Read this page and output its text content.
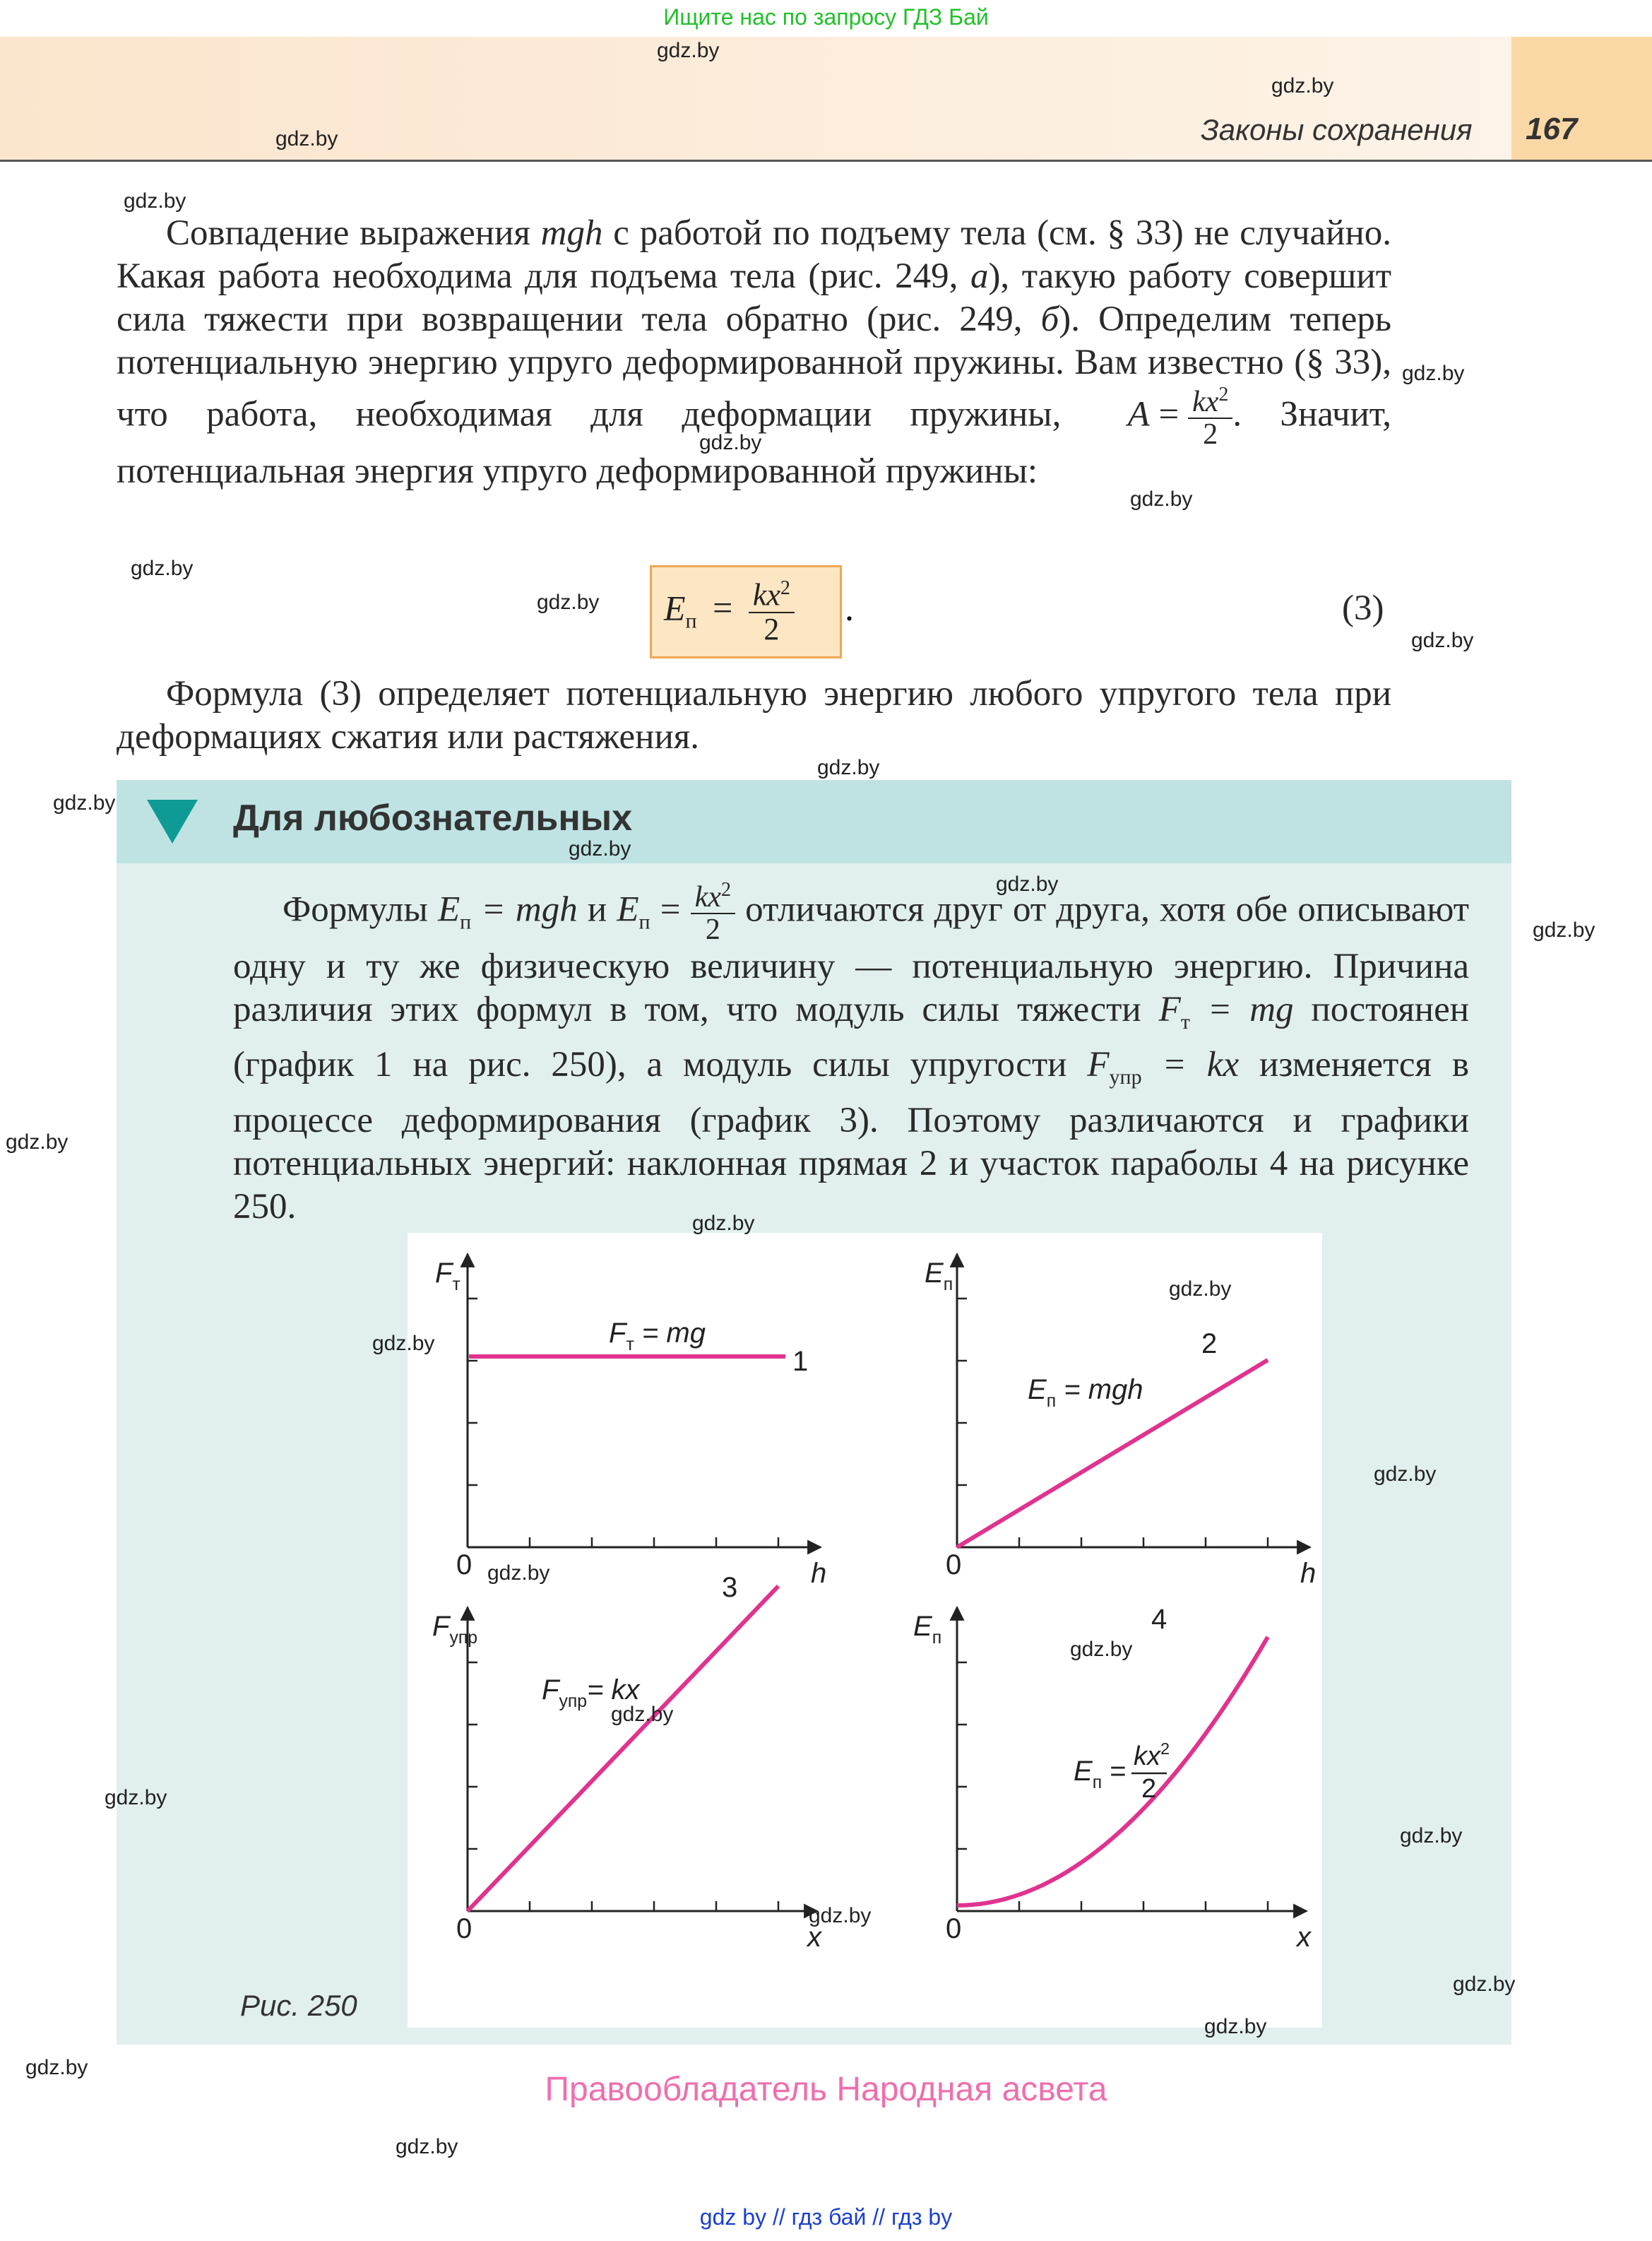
Ищите нас по запросу ГДЗ Бай
Законы сохранения	167
Совпадение выражения mgh с работой по подъему тела (см. § 33) не случайно. Какая работа необходима для подъема тела (рис. 249, а), такую работу совершит сила тяжести при возвращении тела обратно (рис. 249, б). Определим теперь потенциальную энергию упруго деформированной пружины. Вам известно (§ 33), что работа, необходимая для деформации пружины, $A = \frac{kx^2}{2}$ . Значит, потенциальная энергия упруго деформированной пружины:
$E_п = \frac{kx^2}{2}$ .	(3)
Формула (3) определяет потенциальную энергию любого упругого тела при деформациях сжатия или растяжения.
Для любознательных
Формулы $E_п$ = mgh и $E_п = \frac{kx^2}{2}$ отличаются друг от друга, хотя обе описывают одну и ту же физическую величину — потенциальную энергию. Причина различия этих формул в том, что модуль силы тяжести $F_т$ = mg постоянен (график 1 на рис. 250), а модуль силы упругости $F_{упр}$ = kx изменяется в процессе деформирования (график 3). Поэтому различаются и графики потенциальных энергий: наклонная прямая 2 и участок параболы 4 на рисунке 250.
1
$F_т$
h
0
$F_т$ = mg	2
$E_п$
h
0
$E_п$ = mgh
3
$F_{упр}$
x
0
$F_{упр}=$ kx
4
$E_п$
x
0
$E_п = kx^2$
2
Рис. 250
gdz.by
gdz.by
gdz.by
gdz.by
gdz.by
gdz.by
gdz.by
gdz.by
gdz.by
gdz.by
gdz.by
gdz.by
gdz.by
gdz.by
gdz.by
gdz.by
gdz.by
gdz.by
gdz.by
gdz.by
gdz.by
gdz.by
gdz.by
gdz.by
gdz.by
gdz.by
gdz.by
gdz.by
gdz.by
gdz.by
Правообладатель Народная асвета
gdz by // гдз бай // гдз by
